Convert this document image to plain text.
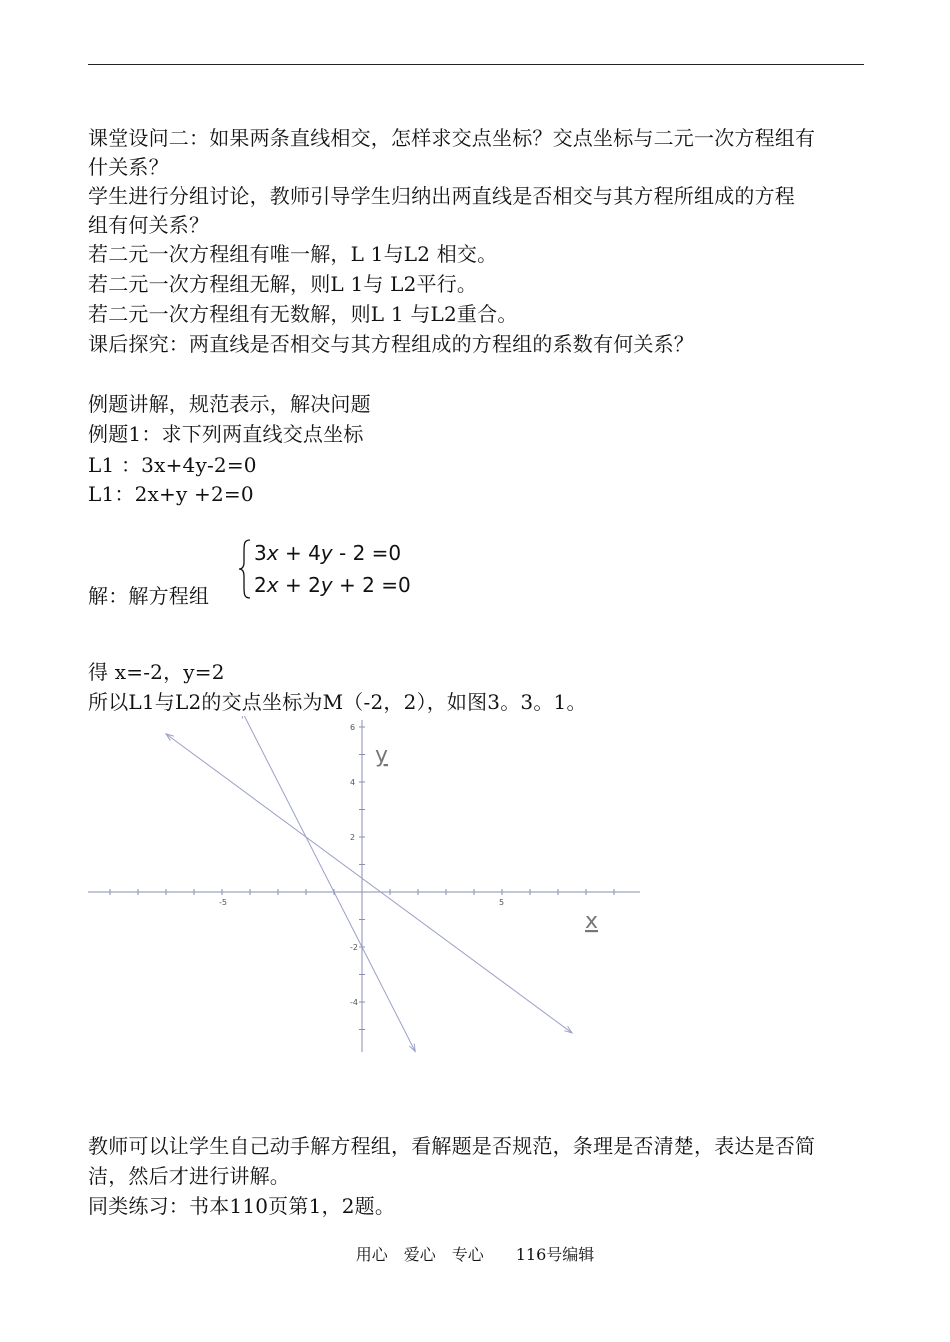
课堂设问二：如果两条直线相交，怎样求交点坐标？交点坐标与二元一次方程组有
什关系？
学生进行分组讨论，教师引导学生归纳出两直线是否相交与其方程所组成的方程
组有何关系？
若二元一次方程组有唯一解，L 1与L2 相交。
若二元一次方程组无解，则L 1与 L2平行。
若二元一次方程组有无数解，则L 1 与L2重合。
课后探究：两直线是否相交与其方程组成的方程组的系数有何关系？
例题讲解，规范表示，解决问题
例题1：求下列两直线交点坐标
L1 ：3x+4y-2=0
L1：2x+y +2=0
3x + 4y - 2 =0
2x + 2y + 2 =0
解：解方程组
得 x=-2，y=2
所以L1与L2的交点坐标为M（-2，2），如图3。3。1。
-5	5
6
4
2
-2
-4
y
x
教师可以让学生自己动手解方程组，看解题是否规范，条理是否清楚，表达是否简
洁，然后才进行讲解。
同类练习：书本110页第1，2题。
用心　爱心　专心　　116号编辑
